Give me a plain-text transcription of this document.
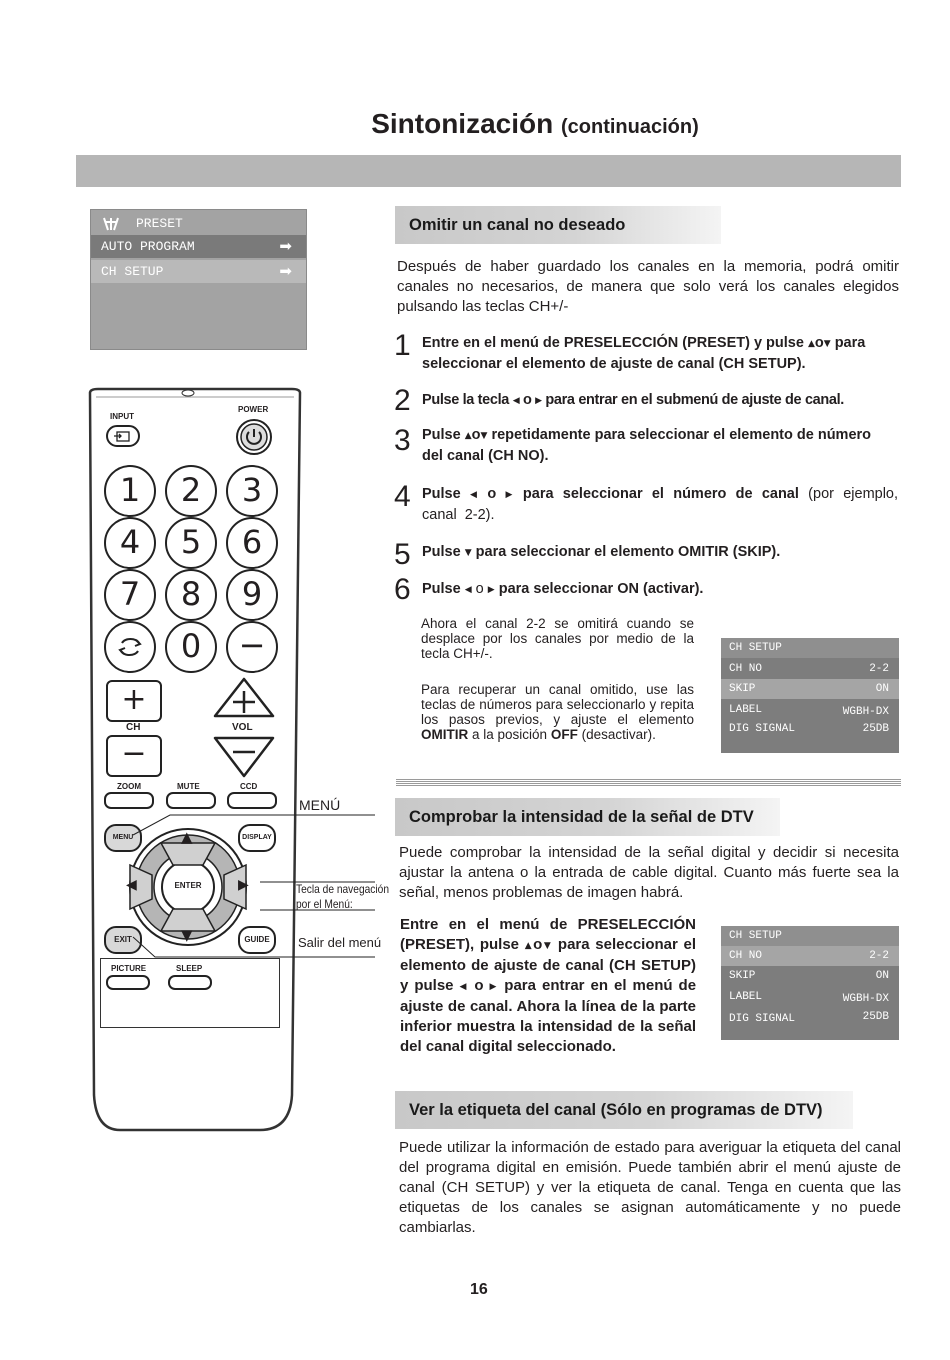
Sintonización (continuación)
PRESET
AUTO PROGRAM	➡
CH SETUP	➡
INPUT
POWER
1	2	3
4	5	6
7	8	9
0	−
+
CH
−
VOL
ZOOM	MUTE	CCD
MENU	DISPLAY
▲
▼
◀	▶
ENTER
EXIT	GUIDE
PICTURE	SLEEP
MENÚ
Tecla de navegación
por el Menú:
Salir del menú
Omitir un canal no deseado
Después de haber guardado los canales en la memoria, podrá omitir canales no necesarios, de manera que solo verá los canales elegidos pulsando las teclas CH+/-
1 Entre en el menú de PRESELECCIÓN (PRESET) y pulse ▲o▼ para seleccionar el elemento de ajuste de canal (CH SETUP).
2 Pulse la tecla ◀ o ▶ para entrar en el submenú de ajuste de canal.
3 Pulse ▲o▼ repetidamente para seleccionar el elemento de número del canal (CH NO).
4 Pulse ◀ o ▶ para seleccionar el número de canal (por ejemplo, canal 2-2).
5 Pulse ▼ para seleccionar el elemento OMITIR (SKIP).
6 Pulse ◀ o ▶ para seleccionar ON (activar).
Ahora el canal 2-2 se omitirá cuando se desplace por los canales por medio de la tecla CH+/-.
Para recuperar un canal omitido, use las teclas de números para seleccionarlo y repita los pasos previos, y ajuste el elemento OMITIR a la posición OFF (desactivar).
CH SETUP
CH NO	2-2
SKIP	ON
LABEL	WGBH-DX
DIG SIGNAL	25DB
Comprobar la intensidad de la señal de DTV
Puede comprobar la intensidad de la señal digital y decidir si necesita ajustar la antena o la entrada de cable digital. Cuanto más fuerte sea la señal, menos problemas de imagen habrá.
Entre en el menú de PRESELECCIÓN (PRESET), pulse ▲o▼ para seleccionar el elemento de ajuste de canal (CH SETUP) y pulse ◀ o ▶ para entrar en el menú de ajuste de canal. Ahora la línea de la parte inferior muestra la intensidad de la señal del canal digital seleccionado.
CH SETUP
CH NO	2-2
SKIP	ON
LABEL	WGBH-DX
DIG SIGNAL	25DB
Ver la etiqueta del canal (Sólo en programas de DTV)
Puede utilizar la información de estado para averiguar la etiqueta del canal del programa digital en emisión. Puede también abrir el menú ajuste de canal (CH SETUP) y ver la etiqueta de canal. Tenga en cuenta que las etiquetas de los canales se asignan automáticamente y no puede cambiarlas.
16
